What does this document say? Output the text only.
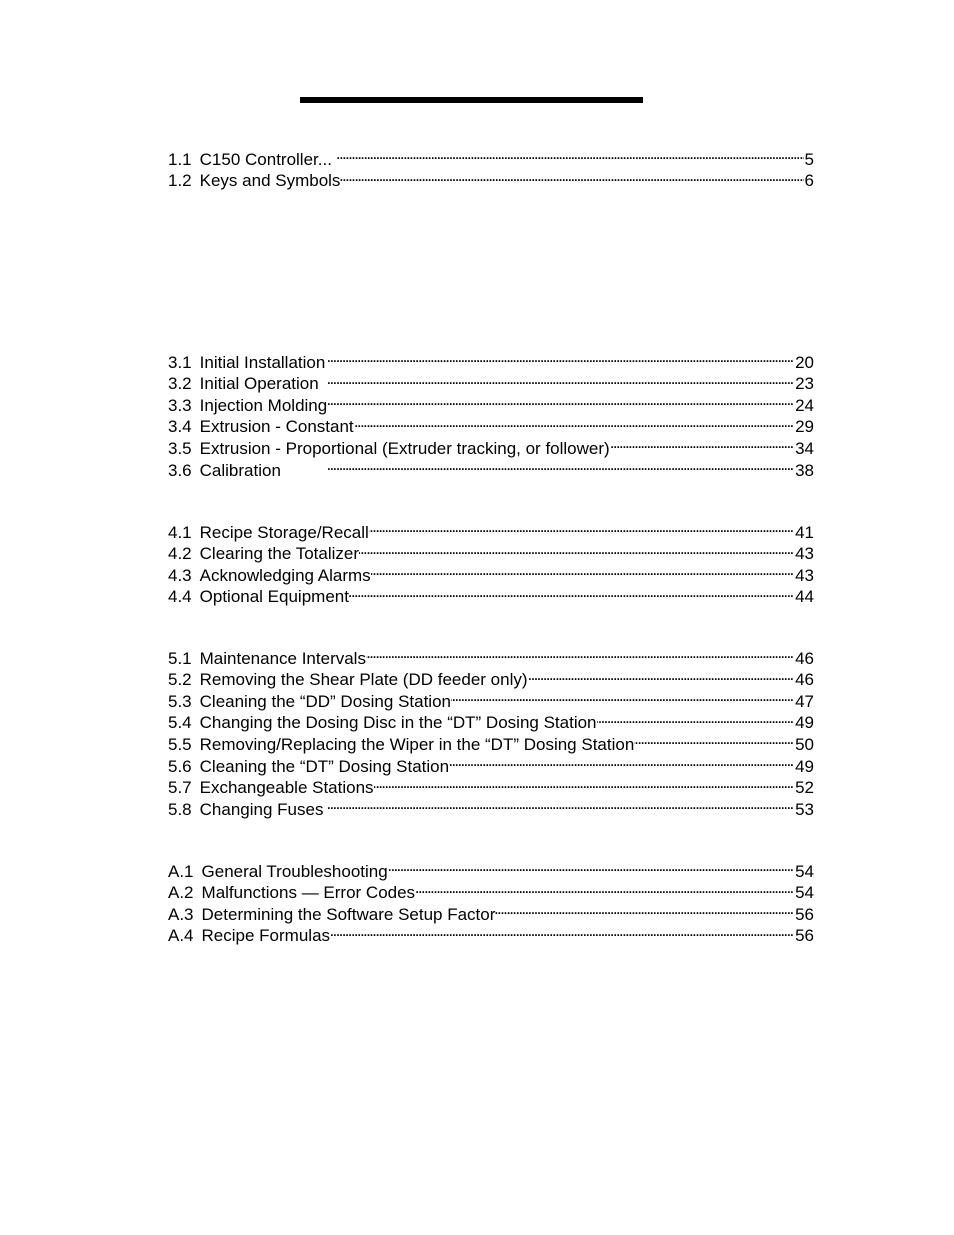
1.1 C150 Controller... . . .	5
1.2 Keys and Symbols . . .	6
3.1 Initial Installation . . .	20
3.2 Initial Operation . . .	23
3.3 Injection Molding . . .	24
3.4 Extrusion - Constant . . .	29
3.5 Extrusion - Proportional (Extruder tracking, or follower) . . .	34
3.6 Calibration . . .	38
4.1 Recipe Storage/Recall . . .	41
4.2 Clearing the Totalizer . . .	43
4.3 Acknowledging Alarms . . .	43
4.4 Optional Equipment . . .	44
5.1 Maintenance Intervals . . .	46
5.2 Removing the Shear Plate (DD feeder only) . . .	46
5.3 Cleaning the “DD” Dosing Station . . .	47
5.4 Changing the Dosing Disc in the “DT” Dosing Station . . .	49
5.5 Removing/Replacing the Wiper in the “DT” Dosing Station . . .	50
5.6 Cleaning the “DT” Dosing Station . . .	49
5.7 Exchangeable Stations . . .	52
5.8 Changing Fuses . . .	53
A.1 General Troubleshooting . . .	54
A.2 Malfunctions — Error Codes . . .	54
A.3 Determining the Software Setup Factor . . .	56
A.4 Recipe Formulas . . .	56
